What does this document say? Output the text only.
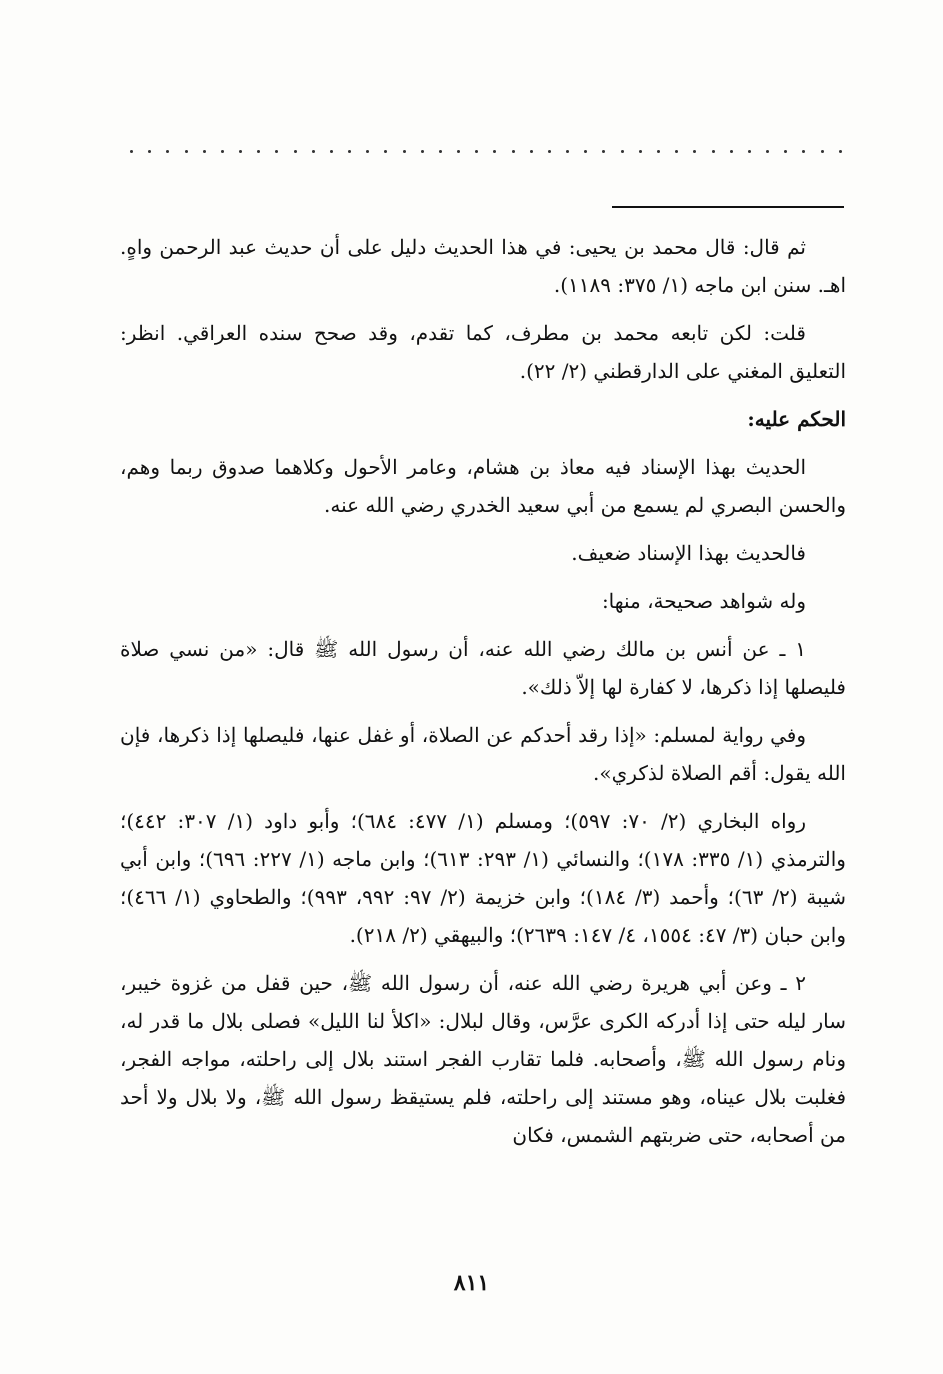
ثم قال: قال محمد بن يحيى: في هذا الحديث دليل على أن حديث عبد الرحمن واهٍ. اهـ. سنن ابن ماجه (١/ ٣٧٥: ١١٨٩).

قلت: لكن تابعه محمد بن مطرف، كما تقدم، وقد صحح سنده العراقي. انظر: التعليق المغني على الدارقطني (٢/ ٢٢).

الحكم عليه:

الحديث بهذا الإسناد فيه معاذ بن هشام، وعامر الأحول وكلاهما صدوق ربما وهم، والحسن البصري لم يسمع من أبي سعيد الخدري رضي الله عنه.

فالحديث بهذا الإسناد ضعيف.

وله شواهد صحيحة، منها:

١ ـ عن أنس بن مالك رضي الله عنه، أن رسول الله ﷺ قال: «من نسي صلاة فليصلها إذا ذكرها، لا كفارة لها إلاّ ذلك».

وفي رواية لمسلم: «إذا رقد أحدكم عن الصلاة، أو غفل عنها، فليصلها إذا ذكرها، فإن الله يقول: أقم الصلاة لذكري».

رواه البخاري (٢/ ٧٠: ٥٩٧)؛ ومسلم (١/ ٤٧٧: ٦٨٤)؛ وأبو داود (١/ ٣٠٧: ٤٤٢)؛ والترمذي (١/ ٣٣٥: ١٧٨)؛ والنسائي (١/ ٢٩٣: ٦١٣)؛ وابن ماجه (١/ ٢٢٧: ٦٩٦)؛ وابن أبي شيبة (٢/ ٦٣)؛ وأحمد (٣/ ١٨٤)؛ وابن خزيمة (٢/ ٩٧: ٩٩٢، ٩٩٣)؛ والطحاوي (١/ ٤٦٦)؛ وابن حبان (٣/ ٤٧: ١٥٥٤، ٤/ ١٤٧: ٢٦٣٩)؛ والبيهقي (٢/ ٢١٨).

٢ ـ وعن أبي هريرة رضي الله عنه، أن رسول الله ﷺ، حين قفل من غزوة خيبر، سار ليله حتى إذا أدركه الكرى عرَّس، وقال لبلال: «اكلأ لنا الليل» فصلى بلال ما قدر له، ونام رسول الله ﷺ، وأصحابه. فلما تقارب الفجر استند بلال إلى راحلته، مواجه الفجر، فغلبت بلال عيناه، وهو مستند إلى راحلته، فلم يستيقظ رسول الله ﷺ، ولا بلال ولا أحد من أصحابه، حتى ضربتهم الشمس، فكان

٨١١
